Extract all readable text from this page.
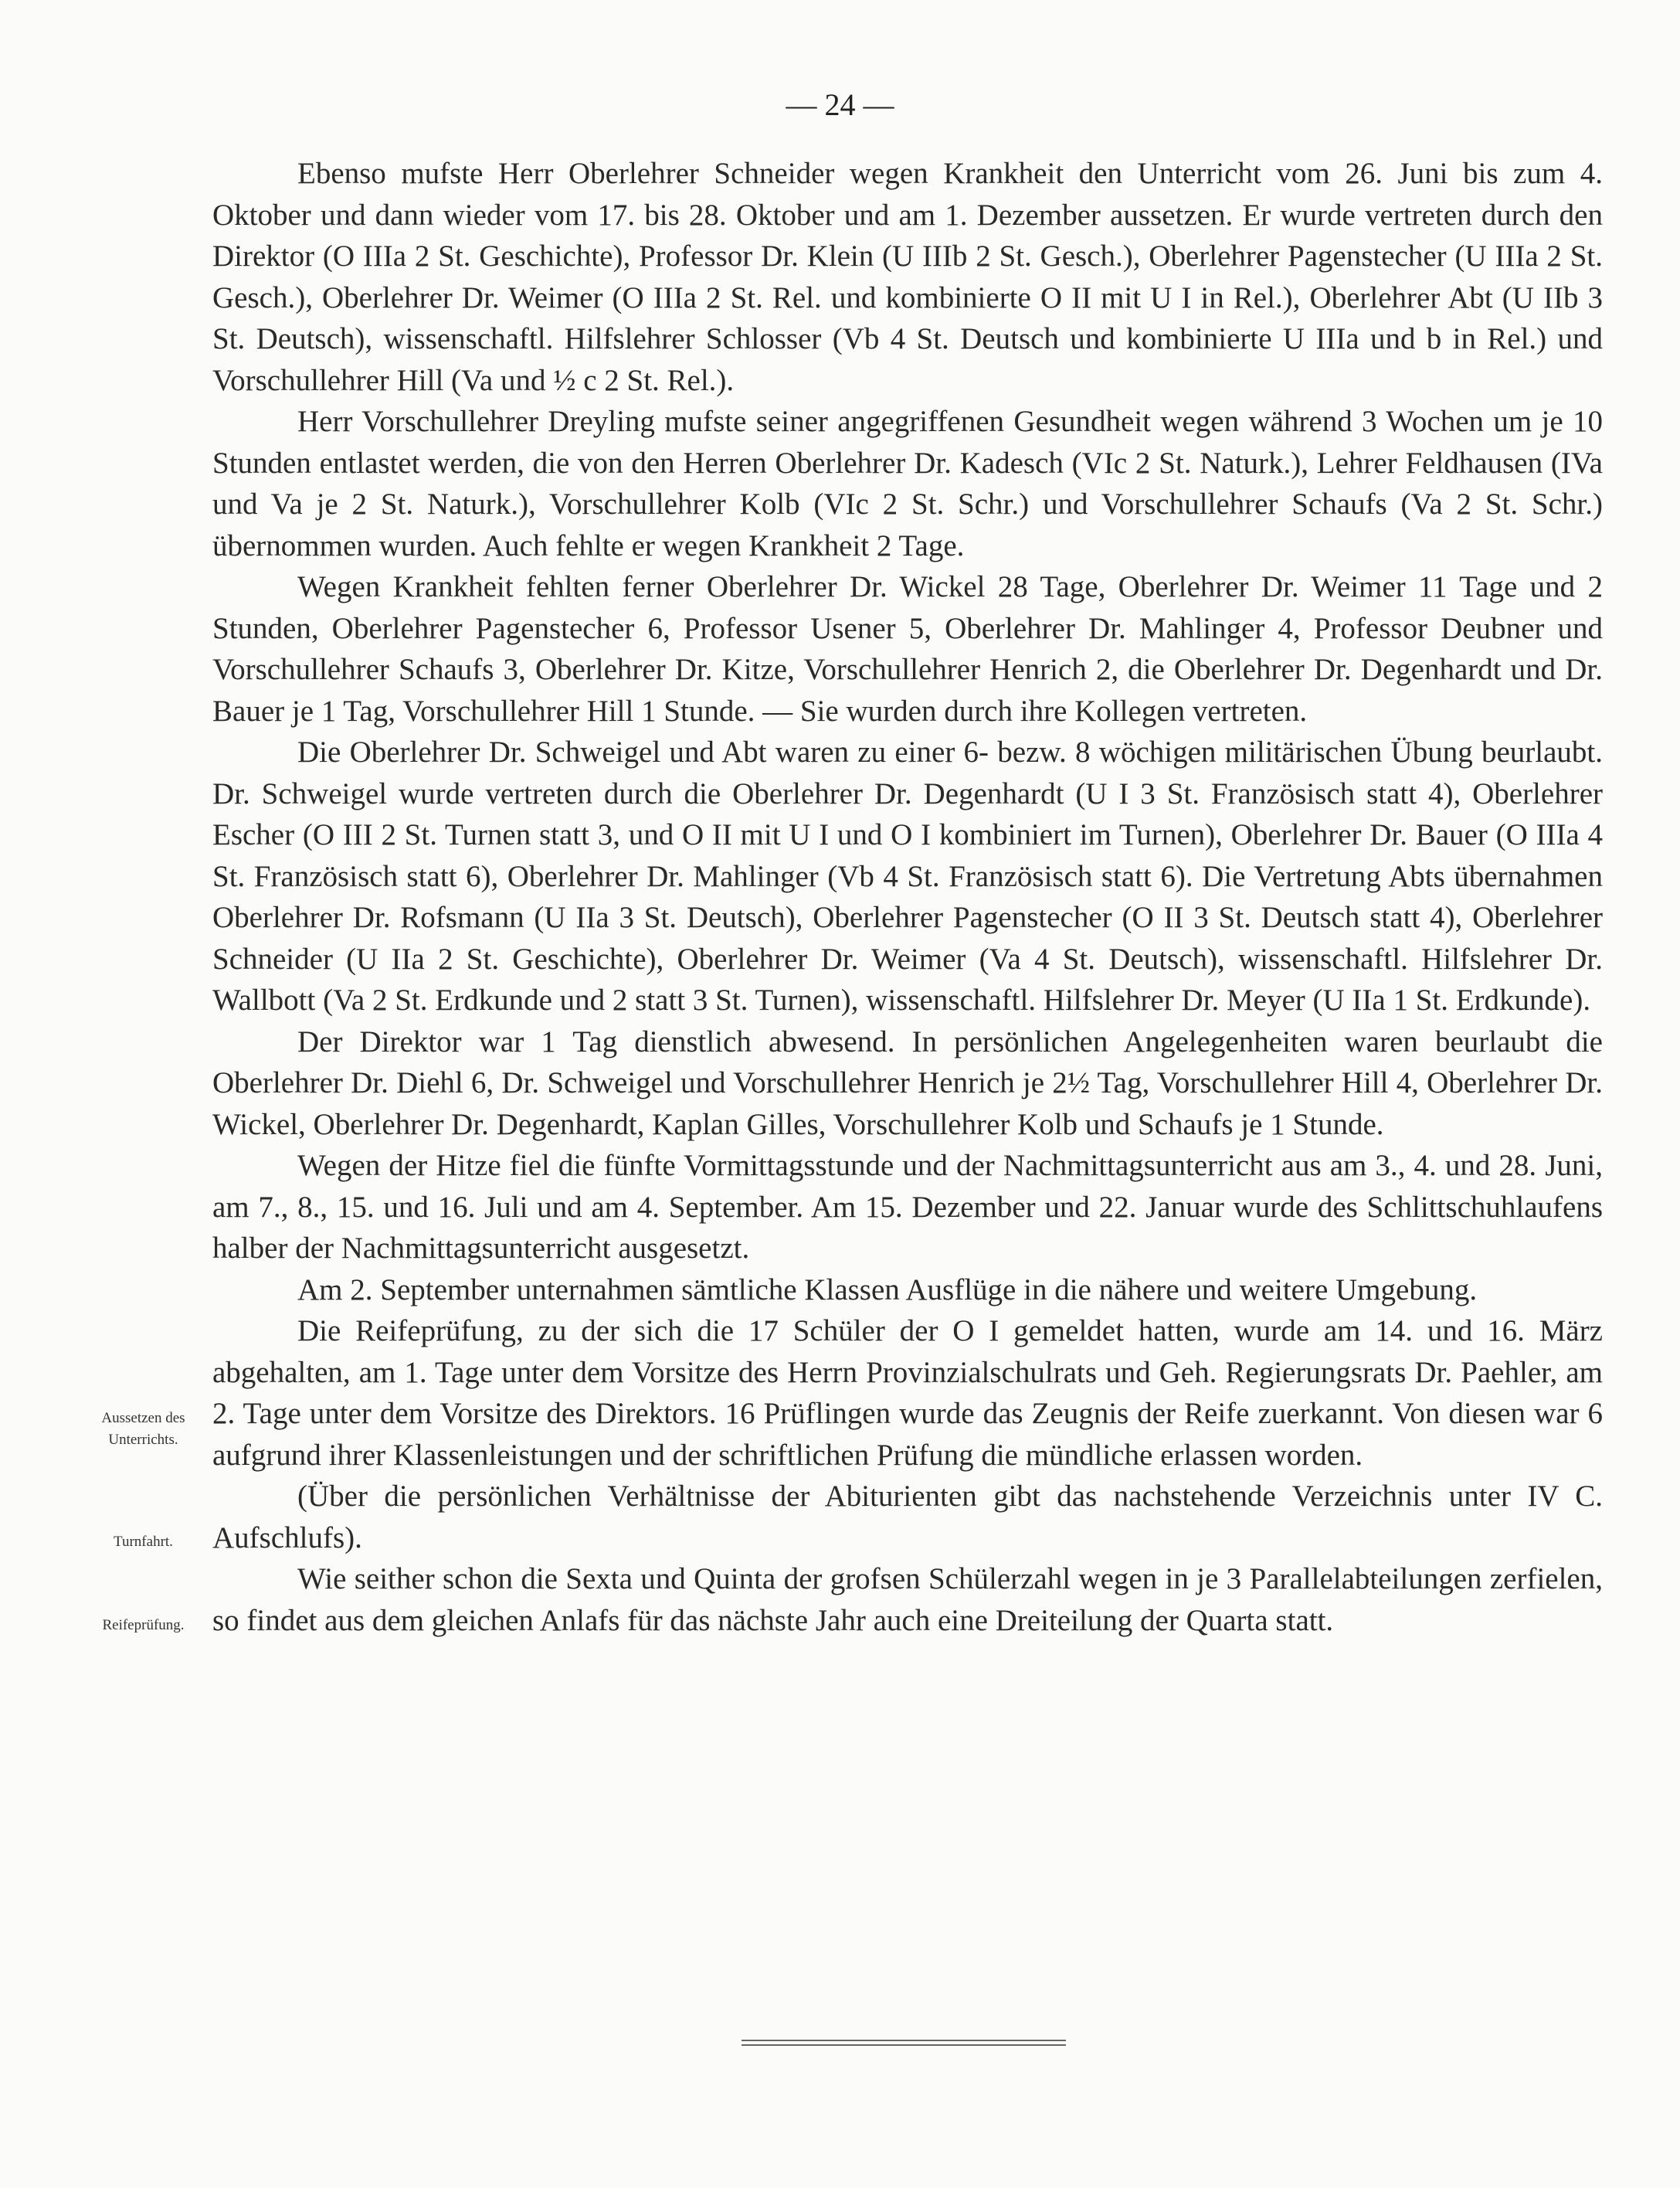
— 24 —

Ebenso mufste Herr Oberlehrer Schneider wegen Krankheit den Unterricht vom 26. Juni bis zum 4. Oktober und dann wieder vom 17. bis 28. Oktober und am 1. Dezember aussetzen. Er wurde vertreten durch den Direktor (O IIIa 2 St. Geschichte), Professor Dr. Klein (U IIIb 2 St. Gesch.), Oberlehrer Pagenstecher (U IIIa 2 St. Gesch.), Oberlehrer Dr. Weimer (O IIIa 2 St. Rel. und kombinierte O II mit U I in Rel.), Oberlehrer Abt (U IIb 3 St. Deutsch), wissenschaftl. Hilfslehrer Schlosser (Vb 4 St. Deutsch und kombinierte U IIIa und b in Rel.) und Vorschullehrer Hill (Va und ½ c 2 St. Rel.).

Herr Vorschullehrer Dreyling mufste seiner angegriffenen Gesundheit wegen während 3 Wochen um je 10 Stunden entlastet werden, die von den Herren Oberlehrer Dr. Kadesch (VIc 2 St. Naturk.), Lehrer Feldhausen (IVa und Va je 2 St. Naturk.), Vorschullehrer Kolb (VIc 2 St. Schr.) und Vorschullehrer Schaufs (Va 2 St. Schr.) übernommen wurden. Auch fehlte er wegen Krankheit 2 Tage.

Wegen Krankheit fehlten ferner Oberlehrer Dr. Wickel 28 Tage, Oberlehrer Dr. Weimer 11 Tage und 2 Stunden, Oberlehrer Pagenstecher 6, Professor Usener 5, Oberlehrer Dr. Mahlinger 4, Professor Deubner und Vorschullehrer Schaufs 3, Oberlehrer Dr. Kitze, Vorschullehrer Henrich 2, die Oberlehrer Dr. Degenhardt und Dr. Bauer je 1 Tag, Vorschullehrer Hill 1 Stunde. — Sie wurden durch ihre Kollegen vertreten.

Die Oberlehrer Dr. Schweigel und Abt waren zu einer 6- bezw. 8 wöchigen militärischen Übung beurlaubt. Dr. Schweigel wurde vertreten durch die Oberlehrer Dr. Degenhardt (U I 3 St. Französisch statt 4), Oberlehrer Escher (O III 2 St. Turnen statt 3, und O II mit U I und O I kombiniert im Turnen), Oberlehrer Dr. Bauer (O IIIa 4 St. Französisch statt 6), Oberlehrer Dr. Mahlinger (Vb 4 St. Französisch statt 6). Die Vertretung Abts übernahmen Oberlehrer Dr. Rofsmann (U IIa 3 St. Deutsch), Oberlehrer Pagenstecher (O II 3 St. Deutsch statt 4), Oberlehrer Schneider (U IIa 2 St. Geschichte), Oberlehrer Dr. Weimer (Va 4 St. Deutsch), wissenschaftl. Hilfslehrer Dr. Wallbott (Va 2 St. Erdkunde und 2 statt 3 St. Turnen), wissenschaftl. Hilfslehrer Dr. Meyer (U IIa 1 St. Erdkunde).

Der Direktor war 1 Tag dienstlich abwesend. In persönlichen Angelegenheiten waren beurlaubt die Oberlehrer Dr. Diehl 6, Dr. Schweigel und Vorschullehrer Henrich je 2½ Tag, Vorschullehrer Hill 4, Oberlehrer Dr. Wickel, Oberlehrer Dr. Degenhardt, Kaplan Gilles, Vorschullehrer Kolb und Schaufs je 1 Stunde.

Wegen der Hitze fiel die fünfte Vormittagsstunde und der Nachmittagsunterricht aus am 3., 4. und 28. Juni, am 7., 8., 15. und 16. Juli und am 4. September. Am 15. Dezember und 22. Januar wurde des Schlittschuhlaufens halber der Nachmittagsunterricht ausgesetzt.

Am 2. September unternahmen sämtliche Klassen Ausflüge in die nähere und weitere Umgebung.

Die Reifeprüfung, zu der sich die 17 Schüler der O I gemeldet hatten, wurde am 14. und 16. März abgehalten, am 1. Tage unter dem Vorsitze des Herrn Provinzialschulrats und Geh. Regierungsrats Dr. Paehler, am 2. Tage unter dem Vorsitze des Direktors. 16 Prüflingen wurde das Zeugnis der Reife zuerkannt. Von diesen war 6 aufgrund ihrer Klassenleistungen und der schriftlichen Prüfung die mündliche erlassen worden.

(Über die persönlichen Verhältnisse der Abiturienten gibt das nachstehende Verzeichnis unter IV C. Aufschlufs).

Wie seither schon die Sexta und Quinta der grofsen Schülerzahl wegen in je 3 Parallelabteilungen zerfielen, so findet aus dem gleichen Anlafs für das nächste Jahr auch eine Dreiteilung der Quarta statt.

Aussetzen des Unterrichts.
Turnfahrt.
Reifeprüfung.
